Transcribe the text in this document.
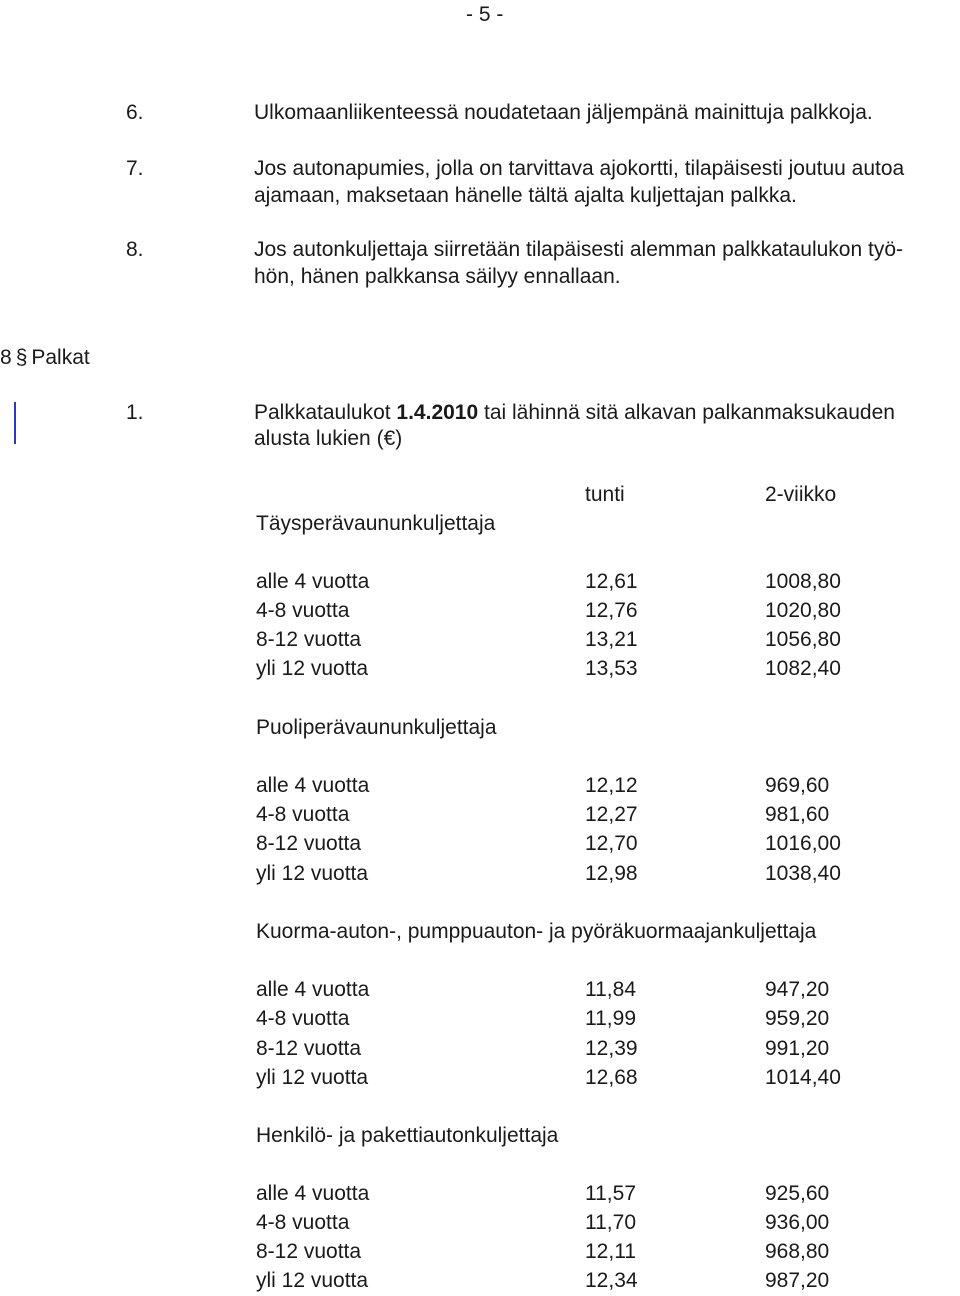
- 5 -
6.	Ulkomaanliikenteessä noudatetaan jäljempänä mainittuja palkkoja.
7.	Jos autonapumies, jolla on tarvittava ajokortti, tilapäisesti joutuu autoa
ajamaan, maksetaan hänelle tältä ajalta kuljettajan palkka.
8.	Jos autonkuljettaja siirretään tilapäisesti alemman palkkataulukon työ-
hön, hänen palkkansa säilyy ennallaan.
8 § Palkat
1.	Palkkataulukot 1.4.2010 tai lähinnä sitä alkavan palkanmaksukauden
alusta lukien (€)
tunti	2-viikko
Täysperävaununkuljettaja
alle 4 vuotta	12,61	1008,80
4-8 vuotta	12,76	1020,80
8-12 vuotta	13,21	1056,80
yli 12 vuotta	13,53	1082,40
Puoliperävaununkuljettaja
alle 4 vuotta	12,12	969,60
4-8 vuotta	12,27	981,60
8-12 vuotta	12,70	1016,00
yli 12 vuotta	12,98	1038,40
Kuorma-auton-, pumppuauton- ja pyöräkuormaajankuljettaja
alle 4 vuotta	11,84	947,20
4-8 vuotta	11,99	959,20
8-12 vuotta	12,39	991,20
yli 12 vuotta	12,68	1014,40
Henkilö- ja pakettiautonkuljettaja
alle 4 vuotta	11,57	925,60
4-8 vuotta	11,70	936,00
8-12 vuotta	12,11	968,80
yli 12 vuotta	12,34	987,20
